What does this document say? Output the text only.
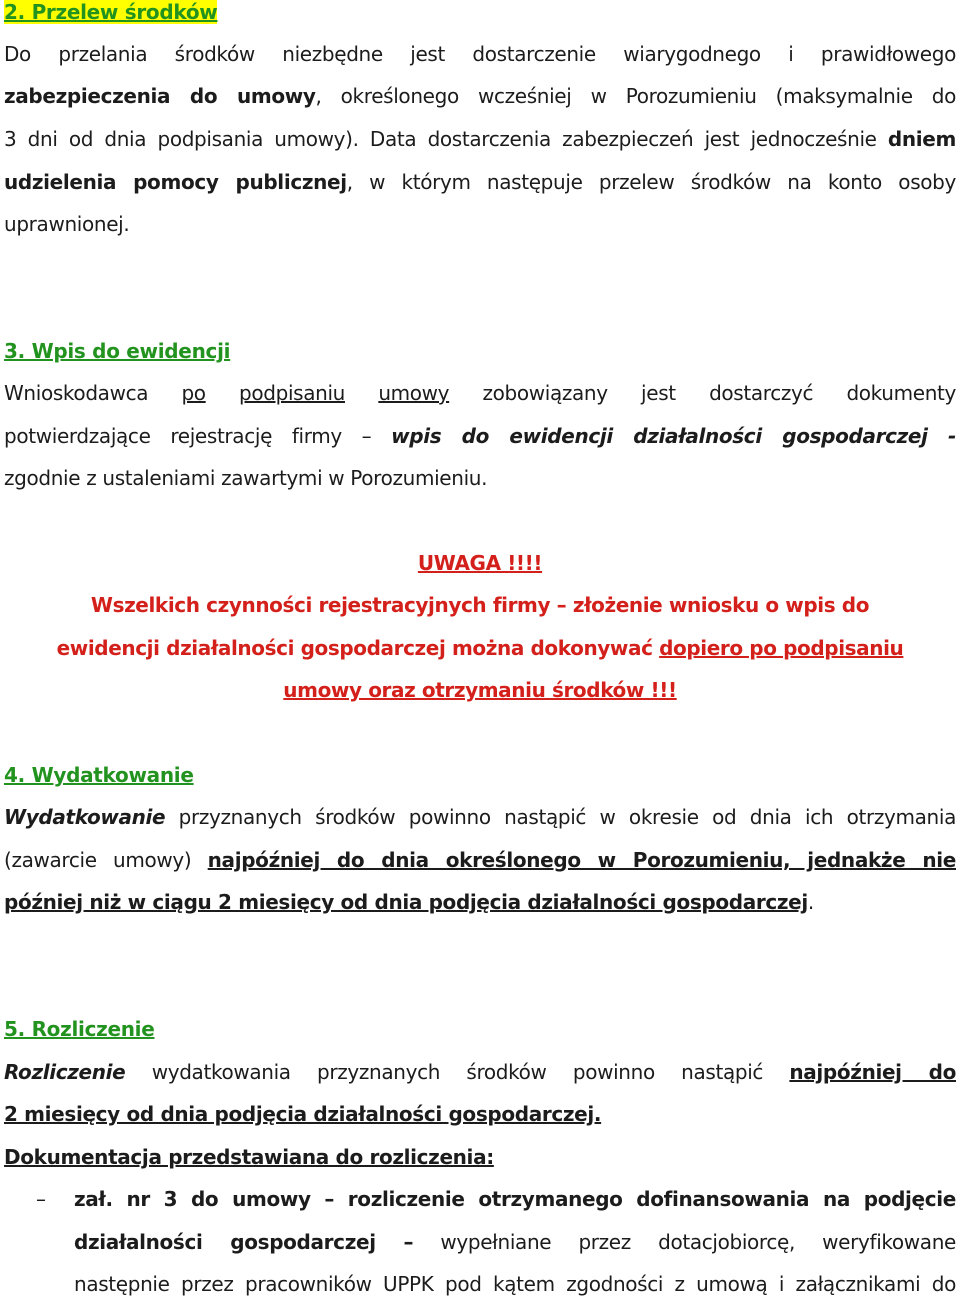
2. Przelew środków
Do przelania środków niezbędne jest dostarczenie wiarygodnego i prawidłowego
zabezpieczenia do umowy, określonego wcześniej w Porozumieniu (maksymalnie do
3 dni od dnia podpisania umowy). Data dostarczenia zabezpieczeń jest jednocześnie dniem
udzielenia pomocy publicznej, w którym następuje przelew środków na konto osoby
uprawnionej.
3. Wpis do ewidencji
Wnioskodawca po podpisaniu umowy zobowiązany jest dostarczyć dokumenty
potwierdzające rejestrację firmy – wpis do ewidencji działalności gospodarczej -
zgodnie z ustaleniami zawartymi w Porozumieniu.
UWAGA !!!!
Wszelkich czynności rejestracyjnych firmy – złożenie wniosku o wpis do
ewidencji działalności gospodarczej można dokonywać dopiero po podpisaniu
umowy oraz otrzymaniu środków !!!
4. Wydatkowanie
Wydatkowanie przyznanych środków powinno nastąpić w okresie od dnia ich otrzymania
(zawarcie umowy) najpóźniej do dnia określonego w Porozumieniu, jednakże nie
później niż w ciągu 2 miesięcy od dnia podjęcia działalności gospodarczej.
5. Rozliczenie
Rozliczenie wydatkowania przyznanych środków powinno nastąpić najpóźniej do
2 miesięcy od dnia podjęcia działalności gospodarczej.
Dokumentacja przedstawiana do rozliczenia:
– zał. nr 3 do umowy – rozliczenie otrzymanego dofinansowania na podjęcie
działalności gospodarczej – wypełniane przez dotacjobiorcę, weryfikowane
następnie przez pracowników UPPK pod kątem zgodności z umową i załącznikami do
